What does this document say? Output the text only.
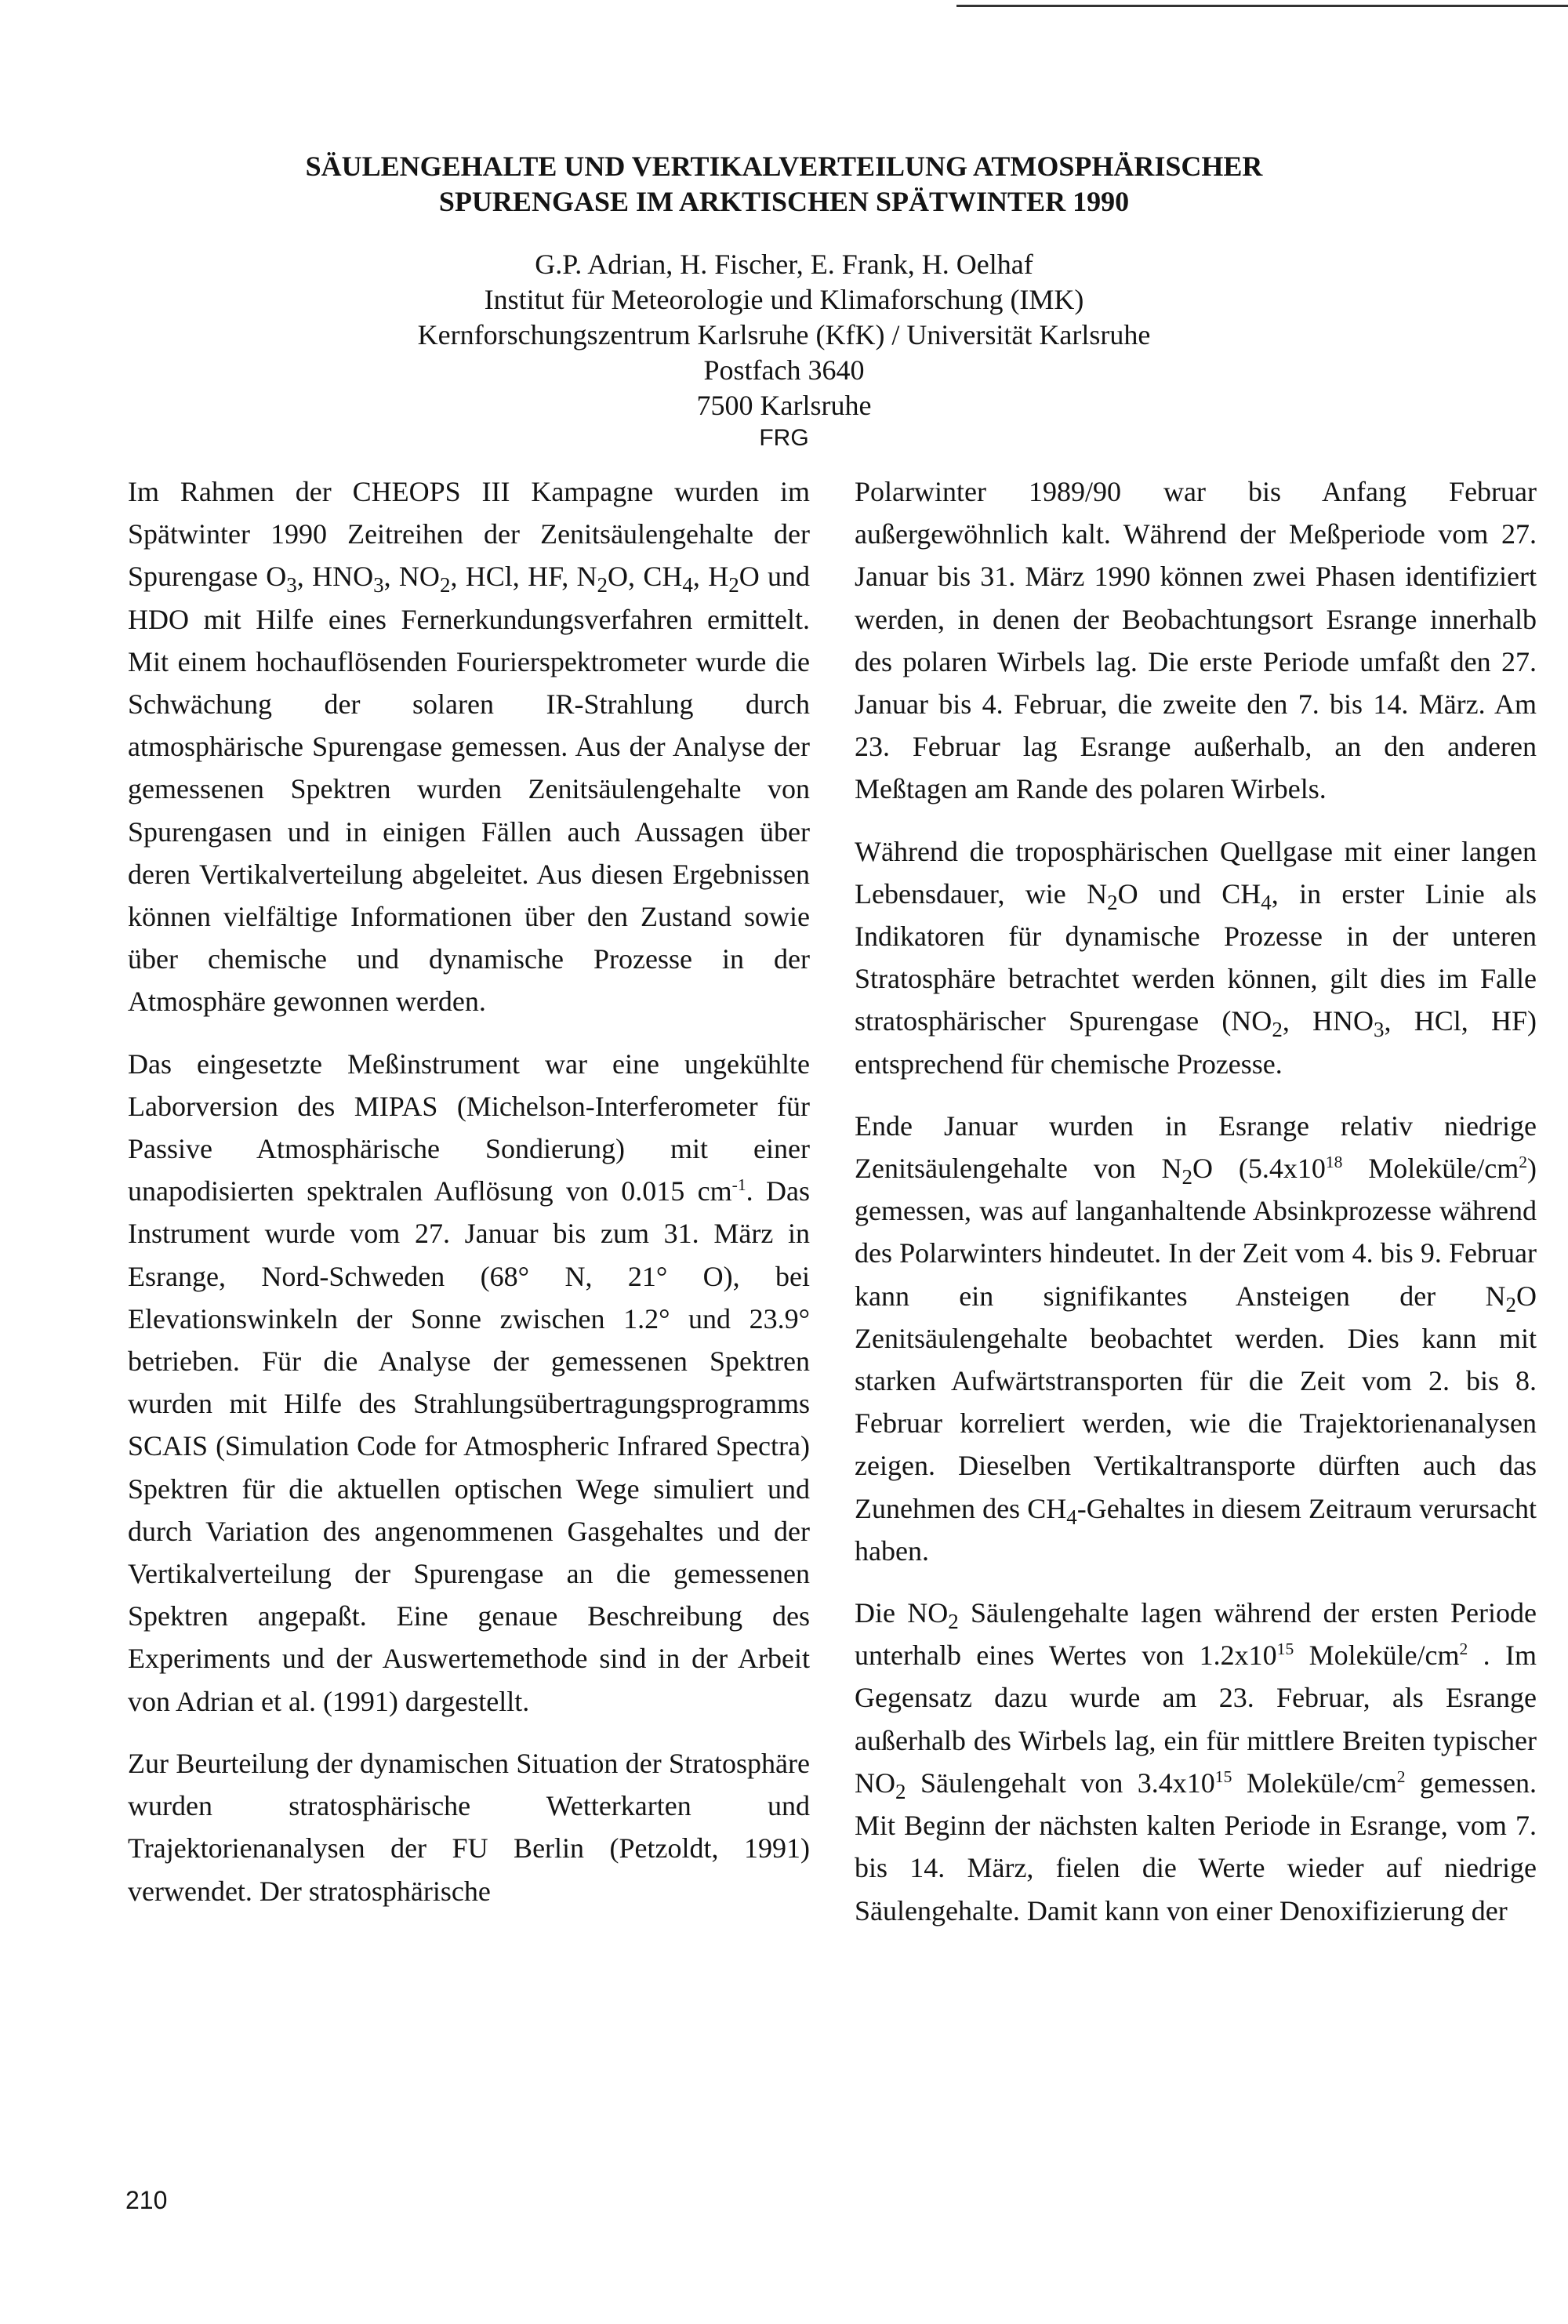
SÄULENGEHALTE UND VERTIKALVERTEILUNG ATMOSPHÄRISCHER
SPURENGASE IM ARKTISCHEN SPÄTWINTER 1990
G.P. Adrian, H. Fischer, E. Frank, H. Oelhaf
Institut für Meteorologie und Klimaforschung (IMK)
Kernforschungszentrum Karlsruhe (KfK) / Universität Karlsruhe
Postfach 3640
7500 Karlsruhe
FRG

Im Rahmen der CHEOPS III Kampagne wurden im Spätwinter 1990 Zeitreihen der Zenitsäulengehalte der Spurengase $O_3$, $HNO_3$, $NO_2$, HCl, HF, $N_2O$, $CH_4$, $H_2O$ und HDO mit Hilfe eines Fernerkundungsverfahren ermittelt. Mit einem hochauflösenden Fourierspektrometer wurde die Schwächung der solaren IR-Strahlung durch atmosphärische Spurengase gemessen. Aus der Analyse der gemessenen Spektren wurden Zenitsäulengehalte von Spurengasen und in einigen Fällen auch Aussagen über deren Vertikalverteilung abgeleitet. Aus diesen Ergebnissen können vielfältige Informationen über den Zustand sowie über chemische und dynamische Prozesse in der Atmosphäre gewonnen werden.

Das eingesetzte Meßinstrument war eine ungekühlte Laborversion des MIPAS (Michelson-Interferometer für Passive Atmosphärische Sondierung) mit einer unapodisierten spektralen Auflösung von 0.015 $cm^{-1}$. Das Instrument wurde vom 27. Januar bis zum 31. März in Esrange, Nord-Schweden (68° N, 21° O), bei Elevationswinkeln der Sonne zwischen 1.2° und 23.9° betrieben. Für die Analyse der gemessenen Spektren wurden mit Hilfe des Strahlungsübertragungsprogramms SCAIS (Simulation Code for Atmospheric Infrared Spectra) Spektren für die aktuellen optischen Wege simuliert und durch Variation des angenommenen Gasgehaltes und der Vertikalverteilung der Spurengase an die gemessenen Spektren angepaßt. Eine genaue Beschreibung des Experiments und der Auswertemethode sind in der Arbeit von Adrian et al. (1991) dargestellt.

Zur Beurteilung der dynamischen Situation der Stratosphäre wurden stratosphärische Wetterkarten und Trajektorienanalysen der FU Berlin (Petzoldt, 1991) verwendet. Der stratosphärische

Polarwinter 1989/90 war bis Anfang Februar außergewöhnlich kalt. Während der Meßperiode vom 27. Januar bis 31. März 1990 können zwei Phasen identifiziert werden, in denen der Beobachtungsort Esrange innerhalb des polaren Wirbels lag. Die erste Periode umfaßt den 27. Januar bis 4. Februar, die zweite den 7. bis 14. März. Am 23. Februar lag Esrange außerhalb, an den anderen Meßtagen am Rande des polaren Wirbels.

Während die troposphärischen Quellgase mit einer langen Lebensdauer, wie $N_2O$ und $CH_4$, in erster Linie als Indikatoren für dynamische Prozesse in der unteren Stratosphäre betrachtet werden können, gilt dies im Falle stratosphärischer Spurengase ($NO_2$, $HNO_3$, HCl, HF) entsprechend für chemische Prozesse.

Ende Januar wurden in Esrange relativ niedrige Zenitsäulengehalte von $N_2O$ ($5.4x10^{18}$ Moleküle/$cm^2$) gemessen, was auf langanhaltende Absinkprozesse während des Polarwinters hindeutet. In der Zeit vom 4. bis 9. Februar kann ein signifikantes Ansteigen der $N_2O$ Zenitsäulengehalte beobachtet werden. Dies kann mit starken Aufwärtstransporten für die Zeit vom 2. bis 8. Februar korreliert werden, wie die Trajektorienanalysen zeigen. Dieselben Vertikaltransporte dürften auch das Zunehmen des $CH_4$-Gehaltes in diesem Zeitraum verursacht haben.

Die $NO_2$ Säulengehalte lagen während der ersten Periode unterhalb eines Wertes von $1.2x10^{15}$ Moleküle/$cm^2$ . Im Gegensatz dazu wurde am 23. Februar, als Esrange außerhalb des Wirbels lag, ein für mittlere Breiten typischer $NO_2$ Säulengehalt von $3.4x10^{15}$ Moleküle/$cm^2$ gemessen. Mit Beginn der nächsten kalten Periode in Esrange, vom 7. bis 14. März, fielen die Werte wieder auf niedrige Säulengehalte. Damit kann von einer Denoxifizierung der

210
